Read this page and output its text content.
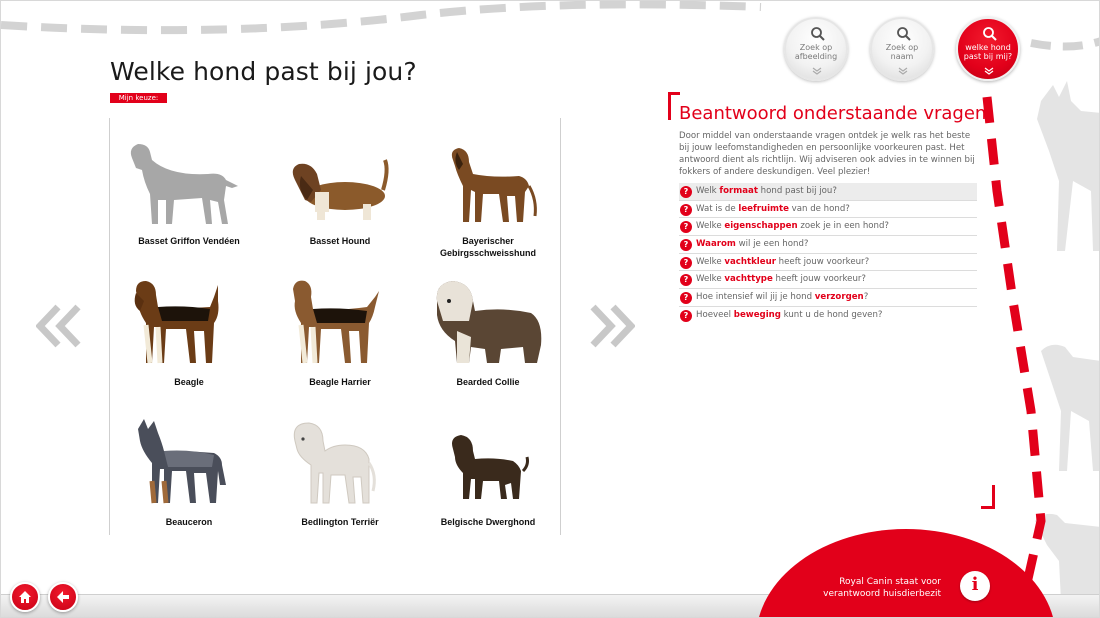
Welke hond past bij jou?
Mijn keuze:
Zoek op
afbeelding
Zoek op
naam
welke hond
past bij mij?
Basset Griffon Vendéen	Basset Hound	Bayerischer
Gebirgsschweisshund
Beagle	Beagle Harrier	Bearded Collie
Beauceron	Bedlington Terriër	Belgische Dwerghond
Beantwoord onderstaande vragen

Door middel van onderstaande vragen ontdek je welk ras het beste bij jouw leefomstandigheden en persoonlijke voorkeuren past. Het antwoord dient als richtlijn. Wij adviseren ook advies in te winnen bij fokkers of andere deskundigen. Veel plezier!

? Welk formaat hond past bij jou?
? Wat is de leefruimte van de hond?
? Welke eigenschappen zoek je in een hond?
? Waarom wil je een hond?
? Welke vachtkleur heeft jouw voorkeur?
? Welke vachttype heeft jouw voorkeur?
? Hoe intensief wil jij je hond verzorgen?
? Hoeveel beweging kunt u de hond geven?
Royal Canin staat voor
verantwoord huisdierbezit	i
